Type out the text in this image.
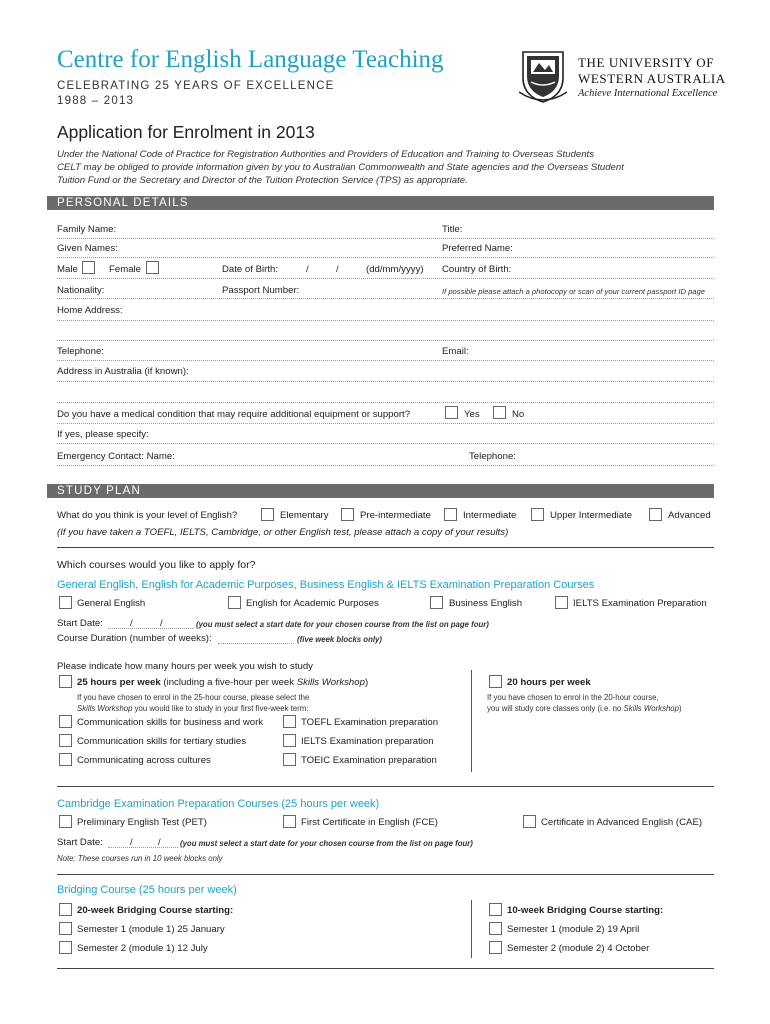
Centre for English Language Teaching
CELEBRATING 25 YEARS OF EXCELLENCE
1988 – 2013
THE UNIVERSITY OF
WESTERN AUSTRALIA
Achieve International Excellence
Application for Enrolment in 2013
Under the National Code of Practice for Registration Authorities and Providers of Education and Training to Overseas Students
CELT may be obliged to provide information given by you to Australian Commonwealth and State agencies and the Overseas Student
Tuition Fund or the Secretary and Director of the Tuition Protection Service (TPS) as appropriate.
PERSONAL DETAILS
Family Name:	Title:
Given Names:	Preferred Name:
Male	Female	Date of Birth:	/	/	(dd/mm/yyyy) Country of Birth:
Nationality:	Passport Number:	If possible please attach a photocopy or scan of your current passport ID page
Home Address:
Telephone:	Email:
Address in Australia (if known):
Do you have a medical condition that may require additional equipment or support?	Yes	No
If yes, please specify:
Emergency Contact: Name:	Telephone:
STUDY PLAN
What do you think is your level of English?	Elementary	Pre-intermediate	Intermediate	Upper Intermediate	Advanced
(If you have taken a TOEFL, IELTS, Cambridge, or other English test, please attach a copy of your results)
Which courses would you like to apply for?
General English, English for Academic Purposes, Business English & IELTS Examination Preparation Courses
General English	English for Academic Purposes	Business English	IELTS Examination Preparation
Start Date:	/	/	(you must select a start date for your chosen course from the list on page four)
Course Duration (number of weeks):	(five week blocks only)
Please indicate how many hours per week you wish to study
25 hours per week (including a five-hour per week Skills Workshop)
If you have chosen to enrol in the 25-hour course, please select the
Skills Workshop you would like to study in your first five-week term:
Communication skills for business and work	TOEFL Examination preparation
Communication skills for tertiary studies	IELTS Examination preparation
Communicating across cultures	TOEIC Examination preparation
20 hours per week
If you have chosen to enrol in the 20-hour course,
you will study core classes only (i.e. no Skills Workshop)
Cambridge Examination Preparation Courses (25 hours per week)
Preliminary English Test (PET)	First Certificate in English (FCE)	Certificate in Advanced English (CAE)
Start Date:	/	/ (you must select a start date for your chosen course from the list on page four)
Note: These courses run in 10 week blocks only
Bridging Course (25 hours per week)
20-week Bridging Course starting:
Semester 1 (module 1) 25 January
Semester 2 (module 1) 12 July
10-week Bridging Course starting:
Semester 1 (module 2) 19 April
Semester 2 (module 2) 4 October
